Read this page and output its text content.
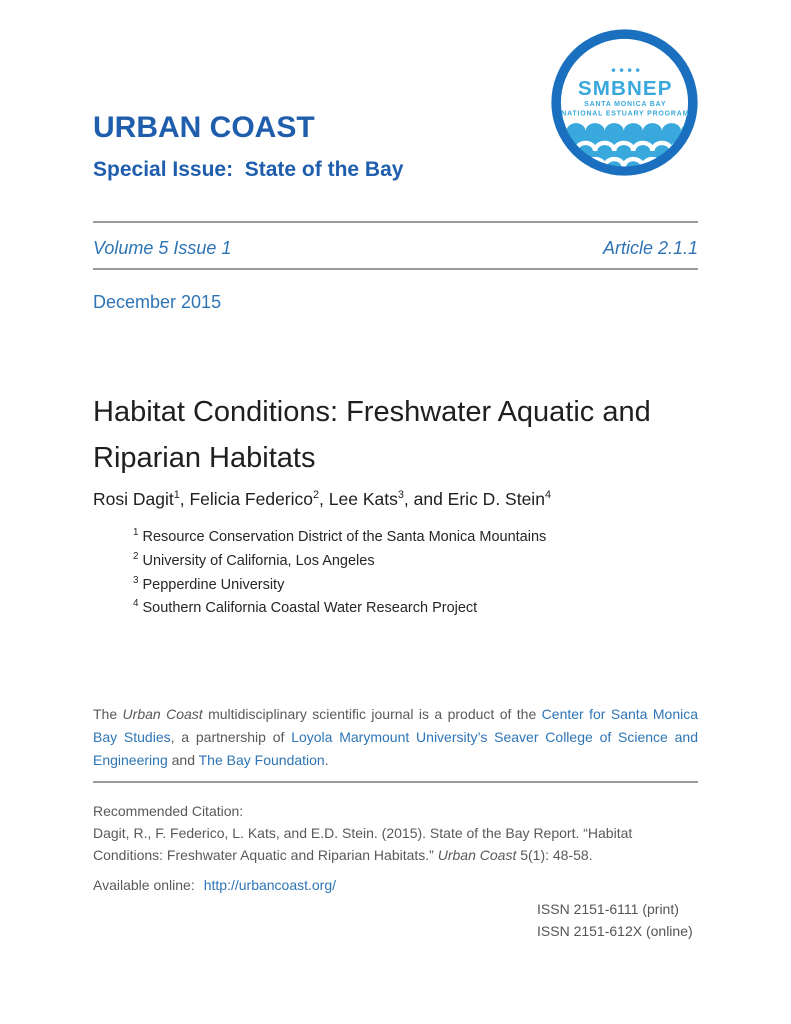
URBAN COAST
Special Issue:  State of the Bay
SMBNEP
SANTA MONICA BAY
NATIONAL ESTUARY PROGRAM
Volume 5 Issue 1	Article 2.1.1
December 2015
Habitat Conditions: Freshwater Aquatic and Riparian Habitats
Rosi Dagit$^1$, Felicia Federico$^2$, Lee Kats$^3$, and Eric D. Stein$^4$
$^1$ Resource Conservation District of the Santa Monica Mountains
$^2$ University of California, Los Angeles
$^3$ Pepperdine University
$^4$ Southern California Coastal Water Research Project
The Urban Coast multidisciplinary scientific journal is a product of the Center for Santa Monica Bay Studies, a partnership of Loyola Marymount University’s Seaver College of Science and Engineering and The Bay Foundation.
Recommended Citation:
Dagit, R., F. Federico, L. Kats, and E.D. Stein. (2015). State of the Bay Report. “Habitat Conditions: Freshwater Aquatic and Riparian Habitats.” Urban Coast 5(1): 48-58.
Available online: http://urbancoast.org/
ISSN 2151-6111 (print)
ISSN 2151-612X (online)
